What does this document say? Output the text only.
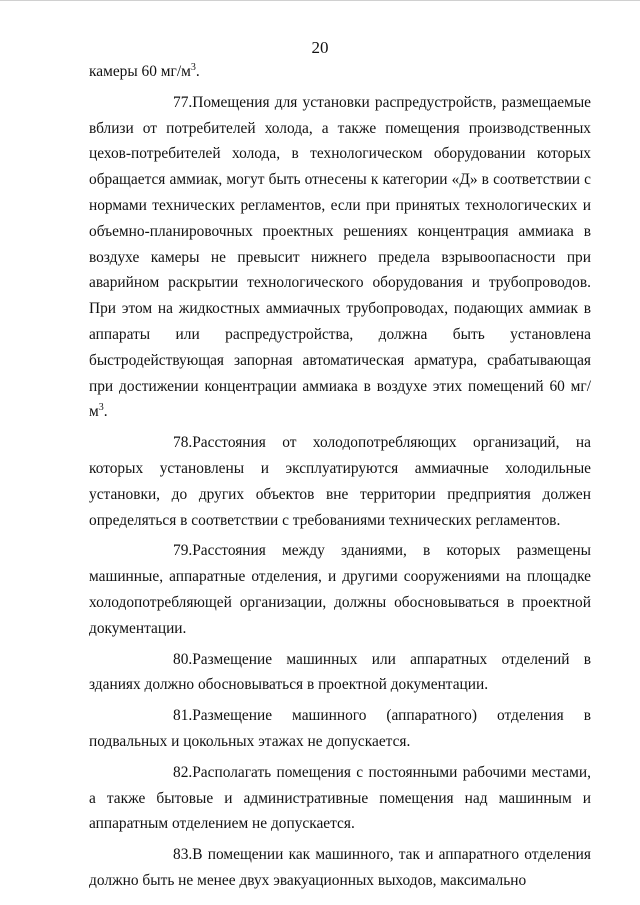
20

камеры 60 $мг/м^3$.

77.Помещения для установки распредустройств, размещаемые вблизи от потребителей холода, а также помещения производственных цехов-потребителей холода, в технологическом оборудовании которых обращается аммиак, могут быть отнесены к категории «Д» в соответствии с нормами технических регламентов, если при принятых технологических и объемно-планировочных проектных решениях концентрация аммиака в воздухе камеры не превысит нижнего предела взрывоопасности при аварийном раскрытии технологического оборудования и трубопроводов. При этом на жидкостных аммиачных трубопроводах, подающих аммиак в аппараты или распредустройства, должна быть установлена быстродействующая запорная автоматическая арматура, срабатывающая при достижении концентрации аммиака в воздухе этих помещений 60 $мг/м^3$.

78.Расстояния от холодопотребляющих организаций, на которых установлены и эксплуатируются аммиачные холодильные установки, до других объектов вне территории предприятия должен определяться в соответствии с требованиями технических регламентов.

79.Расстояния между зданиями, в которых размещены машинные, аппаратные отделения, и другими сооружениями на площадке холодопотребляющей организации, должны обосновываться в проектной документации.

80.Размещение машинных или аппаратных отделений в зданиях должно обосновываться в проектной документации.

81.Размещение машинного (аппаратного) отделения в подвальных и цокольных этажах не допускается.

82.Располагать помещения с постоянными рабочими местами, а также бытовые и административные помещения над машинным и аппаратным отделением не допускается.

83.В помещении как машинного, так и аппаратного отделения должно быть не менее двух эвакуационных выходов, максимально
